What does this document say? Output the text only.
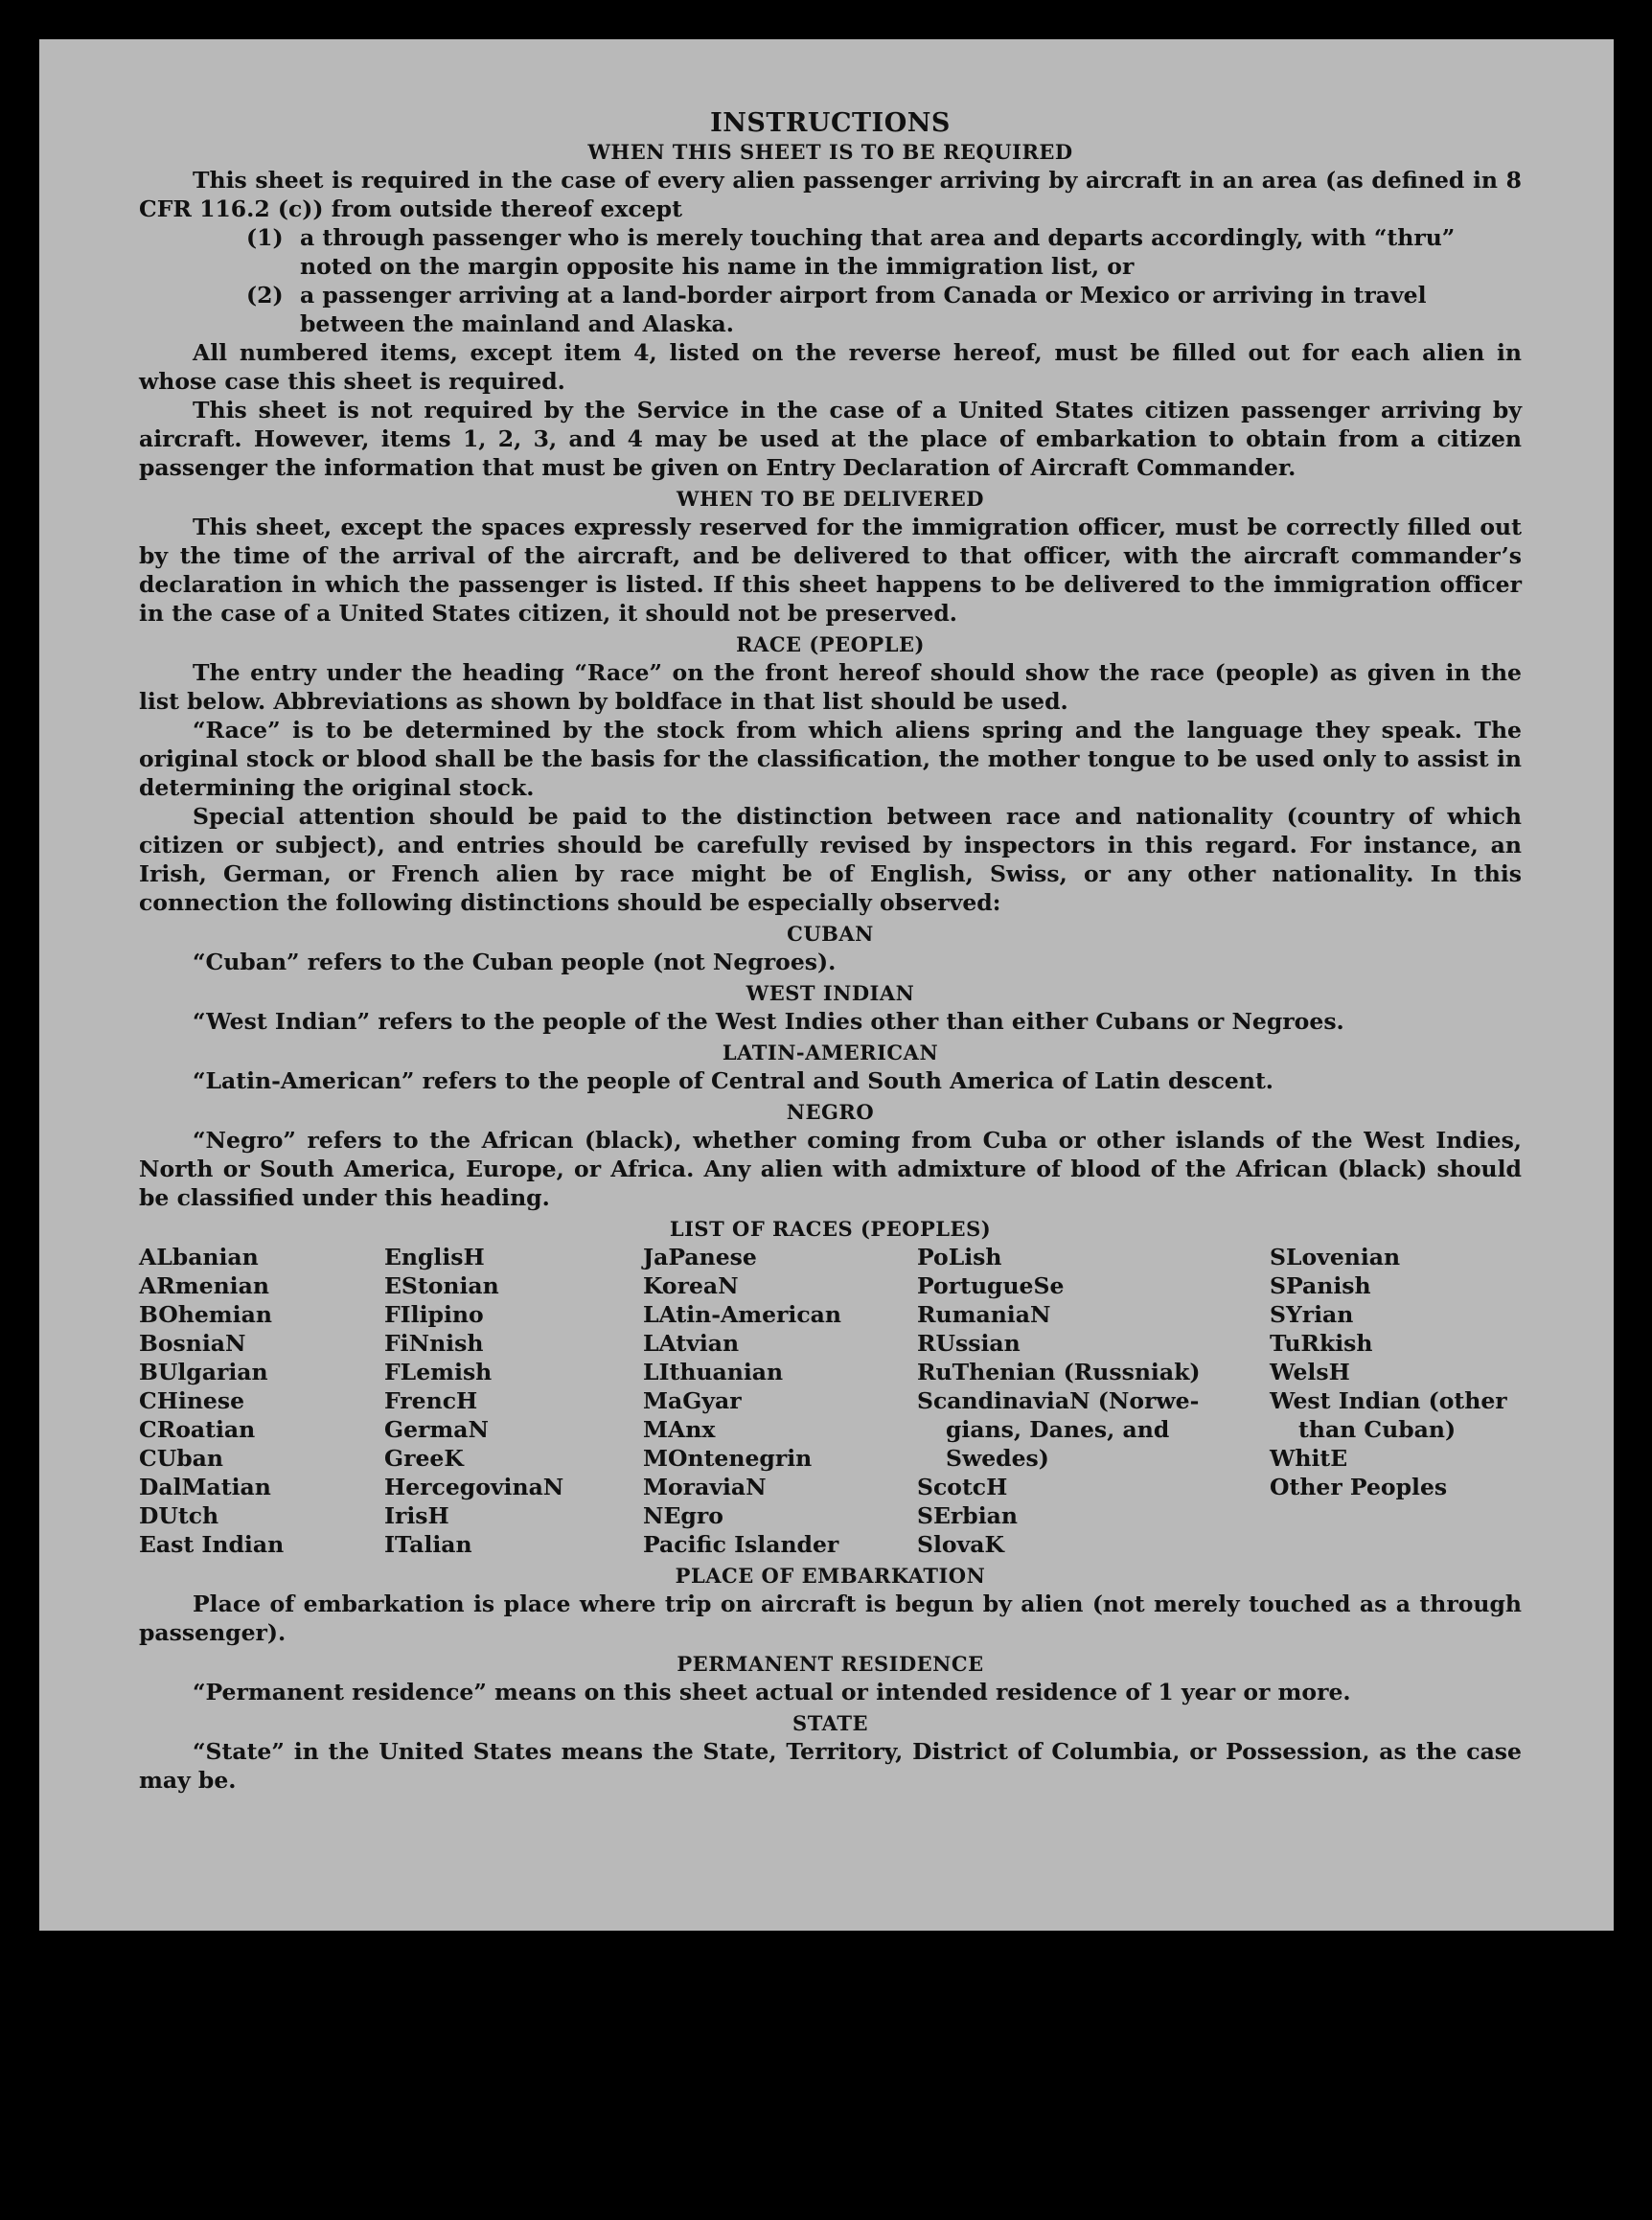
INSTRUCTIONS
WHEN THIS SHEET IS TO BE REQUIRED

This sheet is required in the case of every alien passenger arriving by aircraft in an area (as defined in 8 CFR 116.2 (c)) from outside thereof except

(1) a through passenger who is merely touching that area and departs accordingly, with “thru” noted on the margin opposite his name in the immigration list, or
(2) a passenger arriving at a land-border airport from Canada or Mexico or arriving in travel between the mainland and Alaska.

All numbered items, except item 4, listed on the reverse hereof, must be filled out for each alien in whose case this sheet is required.

This sheet is not required by the Service in the case of a United States citizen passenger arriving by aircraft. However, items 1, 2, 3, and 4 may be used at the place of embarkation to obtain from a citizen passenger the information that must be given on Entry Declaration of Aircraft Commander.

WHEN TO BE DELIVERED

This sheet, except the spaces expressly reserved for the immigration officer, must be correctly filled out by the time of the arrival of the aircraft, and be delivered to that officer, with the aircraft commander’s declaration in which the passenger is listed. If this sheet happens to be delivered to the immigration officer in the case of a United States citizen, it should not be preserved.

RACE (PEOPLE)

The entry under the heading “Race” on the front hereof should show the race (people) as given in the list below. Abbreviations as shown by boldface in that list should be used.

“Race” is to be determined by the stock from which aliens spring and the language they speak. The original stock or blood shall be the basis for the classification, the mother tongue to be used only to assist in determining the original stock.

Special attention should be paid to the distinction between race and nationality (country of which citizen or subject), and entries should be carefully revised by inspectors in this regard. For instance, an Irish, German, or French alien by race might be of English, Swiss, or any other nationality. In this connection the following distinctions should be especially observed:

CUBAN

“Cuban” refers to the Cuban people (not Negroes).

WEST INDIAN

“West Indian” refers to the people of the West Indies other than either Cubans or Negroes.

LATIN-AMERICAN

“Latin-American” refers to the people of Central and South America of Latin descent.

NEGRO

“Negro” refers to the African (black), whether coming from Cuba or other islands of the West Indies, North or South America, Europe, or Africa. Any alien with admixture of blood of the African (black) should be classified under this heading.

LIST OF RACES (PEOPLES)
ALbanian
ARmenian
BOhemian
BosniaN
BUlgarian
CHinese
CRoatian
CUban
DalMatian
DUtch
East Indian
EnglisH
EStonian
FIlipino
FiNnish
FLemish
FrencH
GermaN
GreeK
HercegovinaN
IrisH
ITalian
JaPanese
KoreaN
LAtin-American
LAtvian
LIthuanian
MaGyar
MAnx
MOntenegrin
MoraviaN
NEgro
Pacific Islander
PoLish
PortugueSe
RumaniaN
RUssian
RuThenian (Russniak)
ScandinaviaN (Norwe-
gians, Danes, and
Swedes)
ScotcH
SErbian
SlovaK
SLovenian
SPanish
SYrian
TuRkish
WelsH
West Indian (other
than Cuban)
WhitE
Other Peoples
PLACE OF EMBARKATION

Place of embarkation is place where trip on aircraft is begun by alien (not merely touched as a through passenger).

PERMANENT RESIDENCE

“Permanent residence” means on this sheet actual or intended residence of 1 year or more.

STATE

“State” in the United States means the State, Territory, District of Columbia, or Possession, as the case may be.
